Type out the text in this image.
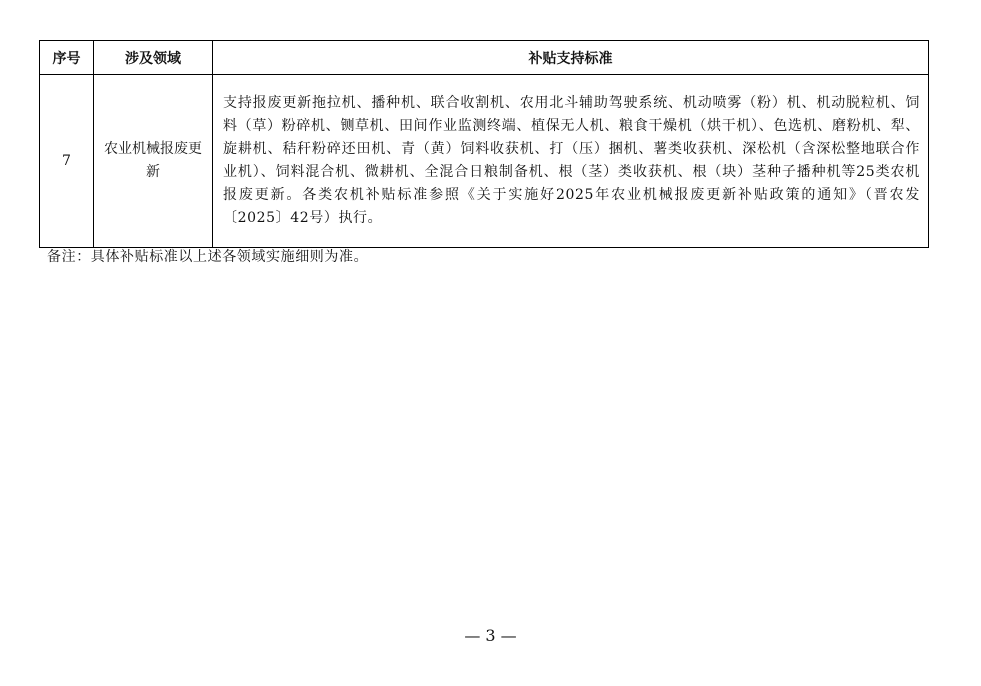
序号	涉及领域	补贴支持标准
7	农业机械报废更新	支持报废更新拖拉机、播种机、联合收割机、农用北斗辅助驾驶系统、机动喷雾（粉）机、机动脱粒机、饲料（草）粉碎机、铡草机、田间作业监测终端、植保无人机、粮食干燥机（烘干机）、色选机、磨粉机、犁、旋耕机、秸秆粉碎还田机、青（黄）饲料收获机、打（压）捆机、薯类收获机、深松机（含深松整地联合作业机）、饲料混合机、微耕机、全混合日粮制备机、根（茎）类收获机、根（块）茎种子播种机等25类农机报废更新。各类农机补贴标准参照《关于实施好2025年农业机械报废更新补贴政策的通知》（晋农发〔2025〕42号）执行。
备注：具体补贴标准以上述各领域实施细则为准。
— 3 —
